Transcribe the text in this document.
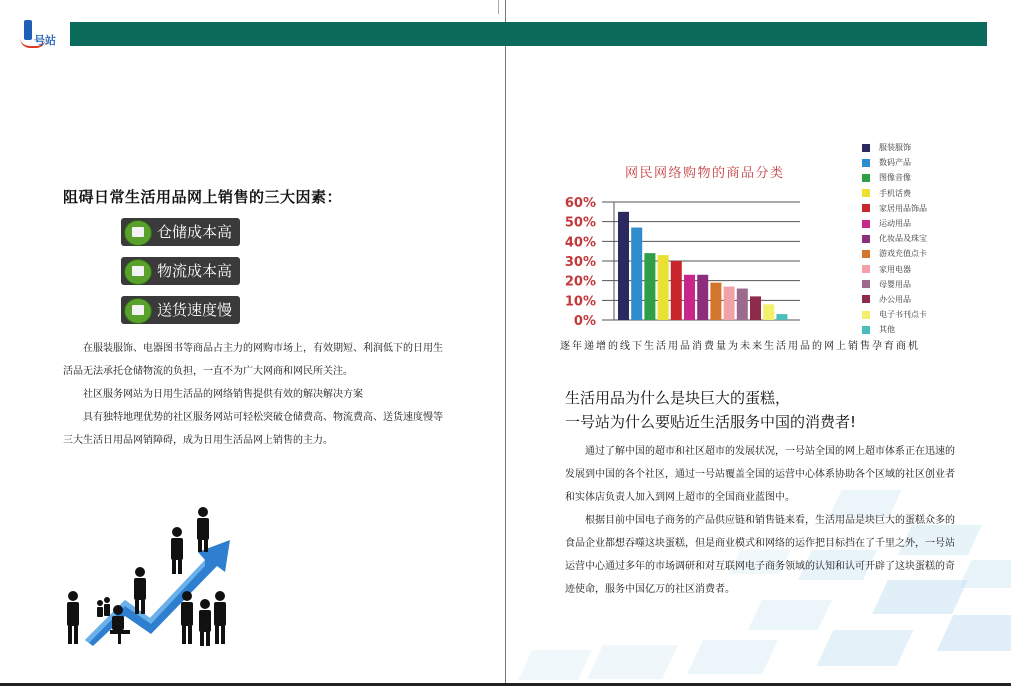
号站
阻碍日常生活用品网上销售的三大因素：
仓储成本高
物流成本高
送货速度慢

在服装服饰、电器图书等商品占主力的网购市场上，有效期短、利润低下的日用生活品无法承托仓储物流的负担，一直不为广大网商和网民所关注。

社区服务网站为日用生活品的网络销售提供有效的解决解决方案

具有独特地理优势的社区服务网站可轻松突破仓储费高、物流费高、送货速度慢等三大生活日用品网销障碍，成为日用生活品网上销售的主力。

网民网络购物的商品分类
0%
10%
20%
30%
40%
50%
60%
服装服饰
数码产品
图像音像
手机话费
家居用品饰品
运动用品
化妆品及珠宝
游戏充值点卡
家用电器
母婴用品
办公用品
电子书刊点卡
其他
逐年递增的线下生活用品消费量为未来生活用品的网上销售孕育商机
生活用品为什么是块巨大的蛋糕，
一号站为什么要贴近生活服务中国的消费者!

通过了解中国的超市和社区超市的发展状况，一号站全国的网上超市体系正在迅速的发展到中国的各个社区，通过一号站覆盖全国的运营中心体系协助各个区域的社区创业者和实体店负责人加入到网上超市的全国商业蓝图中。

根据目前中国电子商务的产品供应链和销售链来看，生活用品是块巨大的蛋糕众多的食品企业都想吞噬这块蛋糕，但是商业模式和网络的运作把目标挡在了千里之外，一号站运营中心通过多年的市场调研和对互联网电子商务领域的认知和认可开辟了这块蛋糕的奇迹使命，服务中国亿万的社区消费者。
